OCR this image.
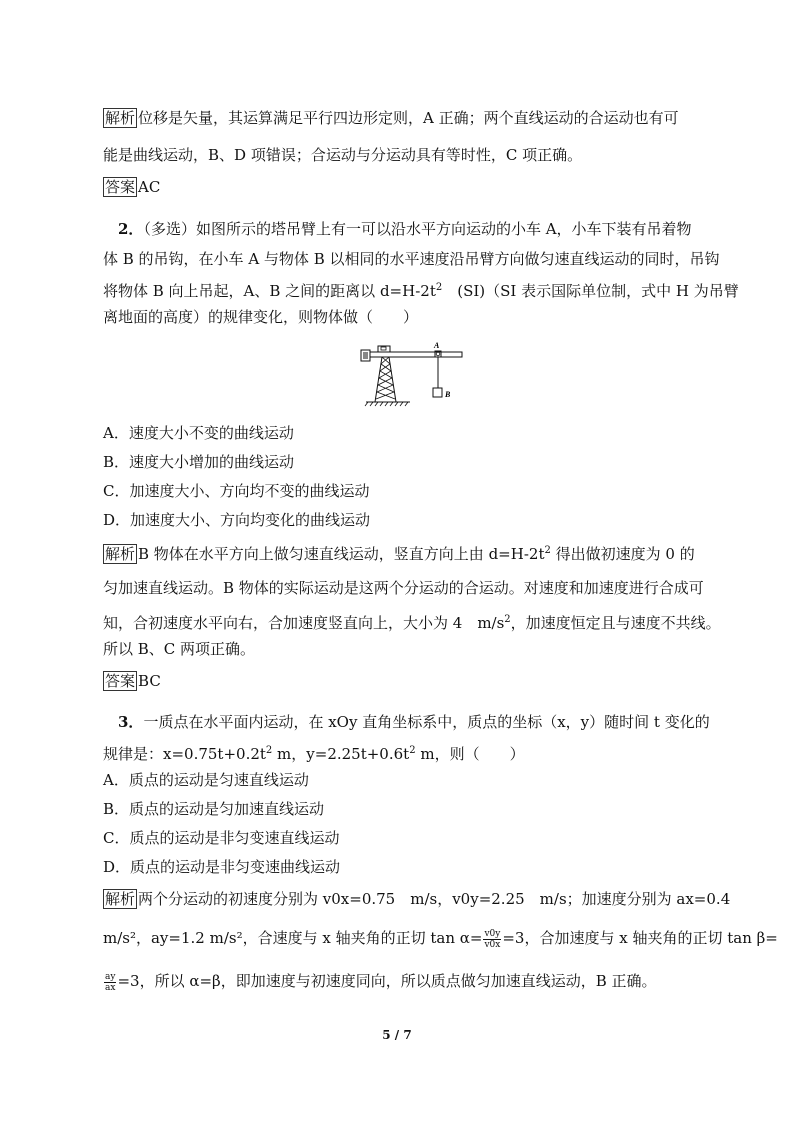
解析 位移是矢量，其运算满足平行四边形定则，A 正确；两个直线运动的合运动也有可
能是曲线运动，B、D 项错误；合运动与分运动具有等时性，C 项正确。
答案 AC
2．（多选）如图所示的塔吊臂上有一可以沿水平方向运动的小车 A，小车下装有吊着物
体 B 的吊钩，在小车 A 与物体 B 以相同的水平速度沿吊臂方向做匀速直线运动的同时，吊钩
将物体 B 向上吊起，A、B 之间的距离以 $d=H-2t^2$　(SI)（SI 表示国际单位制，式中 H 为吊臂
离地面的高度）的规律变化，则物体做（　　）
A
B
A．速度大小不变的曲线运动
B．速度大小增加的曲线运动
C．加速度大小、方向均不变的曲线运动
D．加速度大小、方向均变化的曲线运动
解析 B 物体在水平方向上做匀速直线运动，竖直方向上由 $d=H-2t^2$ 得出做初速度为 0 的
匀加速直线运动。B 物体的实际运动是这两个分运动的合运动。对速度和加速度进行合成可
知，合初速度水平向右，合加速度竖直向上，大小为 4　$m/s^2$，加速度恒定且与速度不共线。
所以 B、C 两项正确。
答案 BC
3．一质点在水平面内运动，在 xOy 直角坐标系中，质点的坐标（x，y）随时间 t 变化的
规律是：$x=0.75t+0.2t^2$ m，$y=2.25t+0.6t^2$ m，则（　　）
A．质点的运动是匀速直线运动
B．质点的运动是匀加速直线运动
C．质点的运动是非匀变速直线运动
D．质点的运动是非匀变速曲线运动
解析 两个分运动的初速度分别为 v0x=0.75　m/s，v0y=2.25　m/s；加速度分别为 ax=0.4
m/s²，ay=1.2 m/s²，合速度与 x 轴夹角的正切 $\tan \alpha= \frac{v0y}{v0x} =3$，合加速度与 x 轴夹角的正切 tan β=
$\frac{ay}{ax} =3$，所以 α=β，即加速度与初速度同向，所以质点做匀加速直线运动，B 正确。
5 / 7
